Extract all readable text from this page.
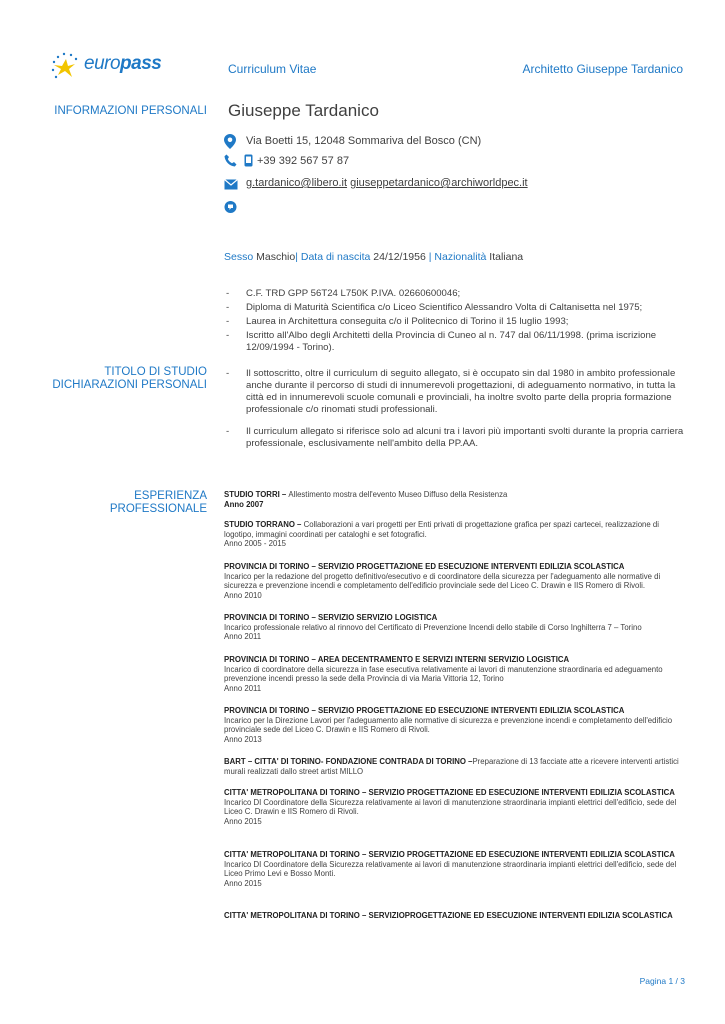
europass	Curriculum Vitae	Architetto Giuseppe Tardanico
INFORMAZIONI PERSONALI Giuseppe Tardanico
Via Boetti 15, 12048 Sommariva del Bosco (CN)
+39 392 567 57 87
g.tardanico@libero.it giuseppetardanico@archiworldpec.it
Sesso Maschio| Data di nascita 24/12/1956 | Nazionalità Italiana
- C.F. TRD GPP 56T24 L750K P.IVA. 02660600046;
- Diploma di Maturità Scientifica c/o Liceo Scientifico Alessandro Volta di Caltanisetta nel 1975;
- Laurea in Architettura conseguita c/o il Politecnico di Torino il 15 luglio 1993;
- Iscritto all'Albo degli Architetti della Provincia di Cuneo al n. 747 dal 06/11/1998. (prima iscrizione 12/09/1994 - Torino).
TITOLO DI STUDIO
DICHIARAZIONI PERSONALI
- Il sottoscritto, oltre il curriculum di seguito allegato, si è occupato sin dal 1980 in ambito professionale anche durante il percorso di studi di innumerevoli progettazioni, di adeguamento normativo, in tutta la città ed in innumerevoli scuole comunali e provinciali, ha inoltre svolto parte della propria formazione professionale c/o rinomati studi professionali.
- Il curriculum allegato si riferisce solo ad alcuni tra i lavori più importanti svolti durante la propria carriera professionale, esclusivamente nell'ambito della PP.AA.
ESPERIENZA
PROFESSIONALE
STUDIO TORRI – Allestimento mostra dell'evento Museo Diffuso della Resistenza
Anno 2007
STUDIO TORRANO – Collaborazioni a vari progetti per Enti privati di progettazione grafica per spazi cartecei, realizzazione di logotipo, immagini coordinati per cataloghi e set fotografici.
Anno 2005 - 2015
PROVINCIA DI TORINO – SERVIZIO PROGETTAZIONE ED ESECUZIONE INTERVENTI EDILIZIA SCOLASTICA
Incarico per la redazione del progetto definitivo/esecutivo e di coordinatore della sicurezza per l'adeguamento alle normative di sicurezza e prevenzione incendi e completamento dell'edificio provinciale sede del Liceo C. Drawin e IIS Romero di Rivoli.
Anno 2010
PROVINCIA DI TORINO – SERVIZIO SERVIZIO LOGISTICA
Incarico professionale relativo al rinnovo del Certificato di Prevenzione Incendi dello stabile di Corso Inghilterra 7 – Torino
Anno 2011
PROVINCIA DI TORINO – AREA DECENTRAMENTO E SERVIZI INTERNI SERVIZIO LOGISTICA
Incarico di coordinatore della sicurezza in fase esecutiva relativamente ai lavori di manutenzione straordinaria ed adeguamento prevenzione incendi presso la sede della Provincia di via Maria Vittoria 12, Torino
Anno 2011
PROVINCIA DI TORINO – SERVIZIO PROGETTAZIONE ED ESECUZIONE INTERVENTI EDILIZIA SCOLASTICA
Incarico per la Direzione Lavori per l'adeguamento alle normative di sicurezza e prevenzione incendi e completamento dell'edificio provinciale sede del Liceo C. Drawin e IIS Romero di Rivoli.
Anno 2013
BART – CITTA' DI TORINO- FONDAZIONE CONTRADA DI TORINO –Preparazione di 13 facciate atte a ricevere interventi artistici murali realizzati dallo street artist MILLO
CITTA' METROPOLITANA DI TORINO – SERVIZIO PROGETTAZIONE ED ESECUZIONE INTERVENTI EDILIZIA SCOLASTICA
Incarico DI Coordinatore della Sicurezza relativamente ai lavori di manutenzione straordinaria impianti elettrici dell'edificio, sede del Liceo C. Drawin e IIS Romero di Rivoli.
Anno 2015
CITTA' METROPOLITANA DI TORINO – SERVIZIO PROGETTAZIONE ED ESECUZIONE INTERVENTI EDILIZIA SCOLASTICA
Incarico DI Coordinatore della Sicurezza relativamente ai lavori di manutenzione straordinaria impianti elettrici dell'edificio, sede del Liceo Primo Levi e Bosso Monti.
Anno 2015
CITTA' METROPOLITANA DI TORINO – SERVIZIOPROGETTAZIONE ED ESECUZIONE INTERVENTI EDILIZIA SCOLASTICA
Pagina 1 / 3
